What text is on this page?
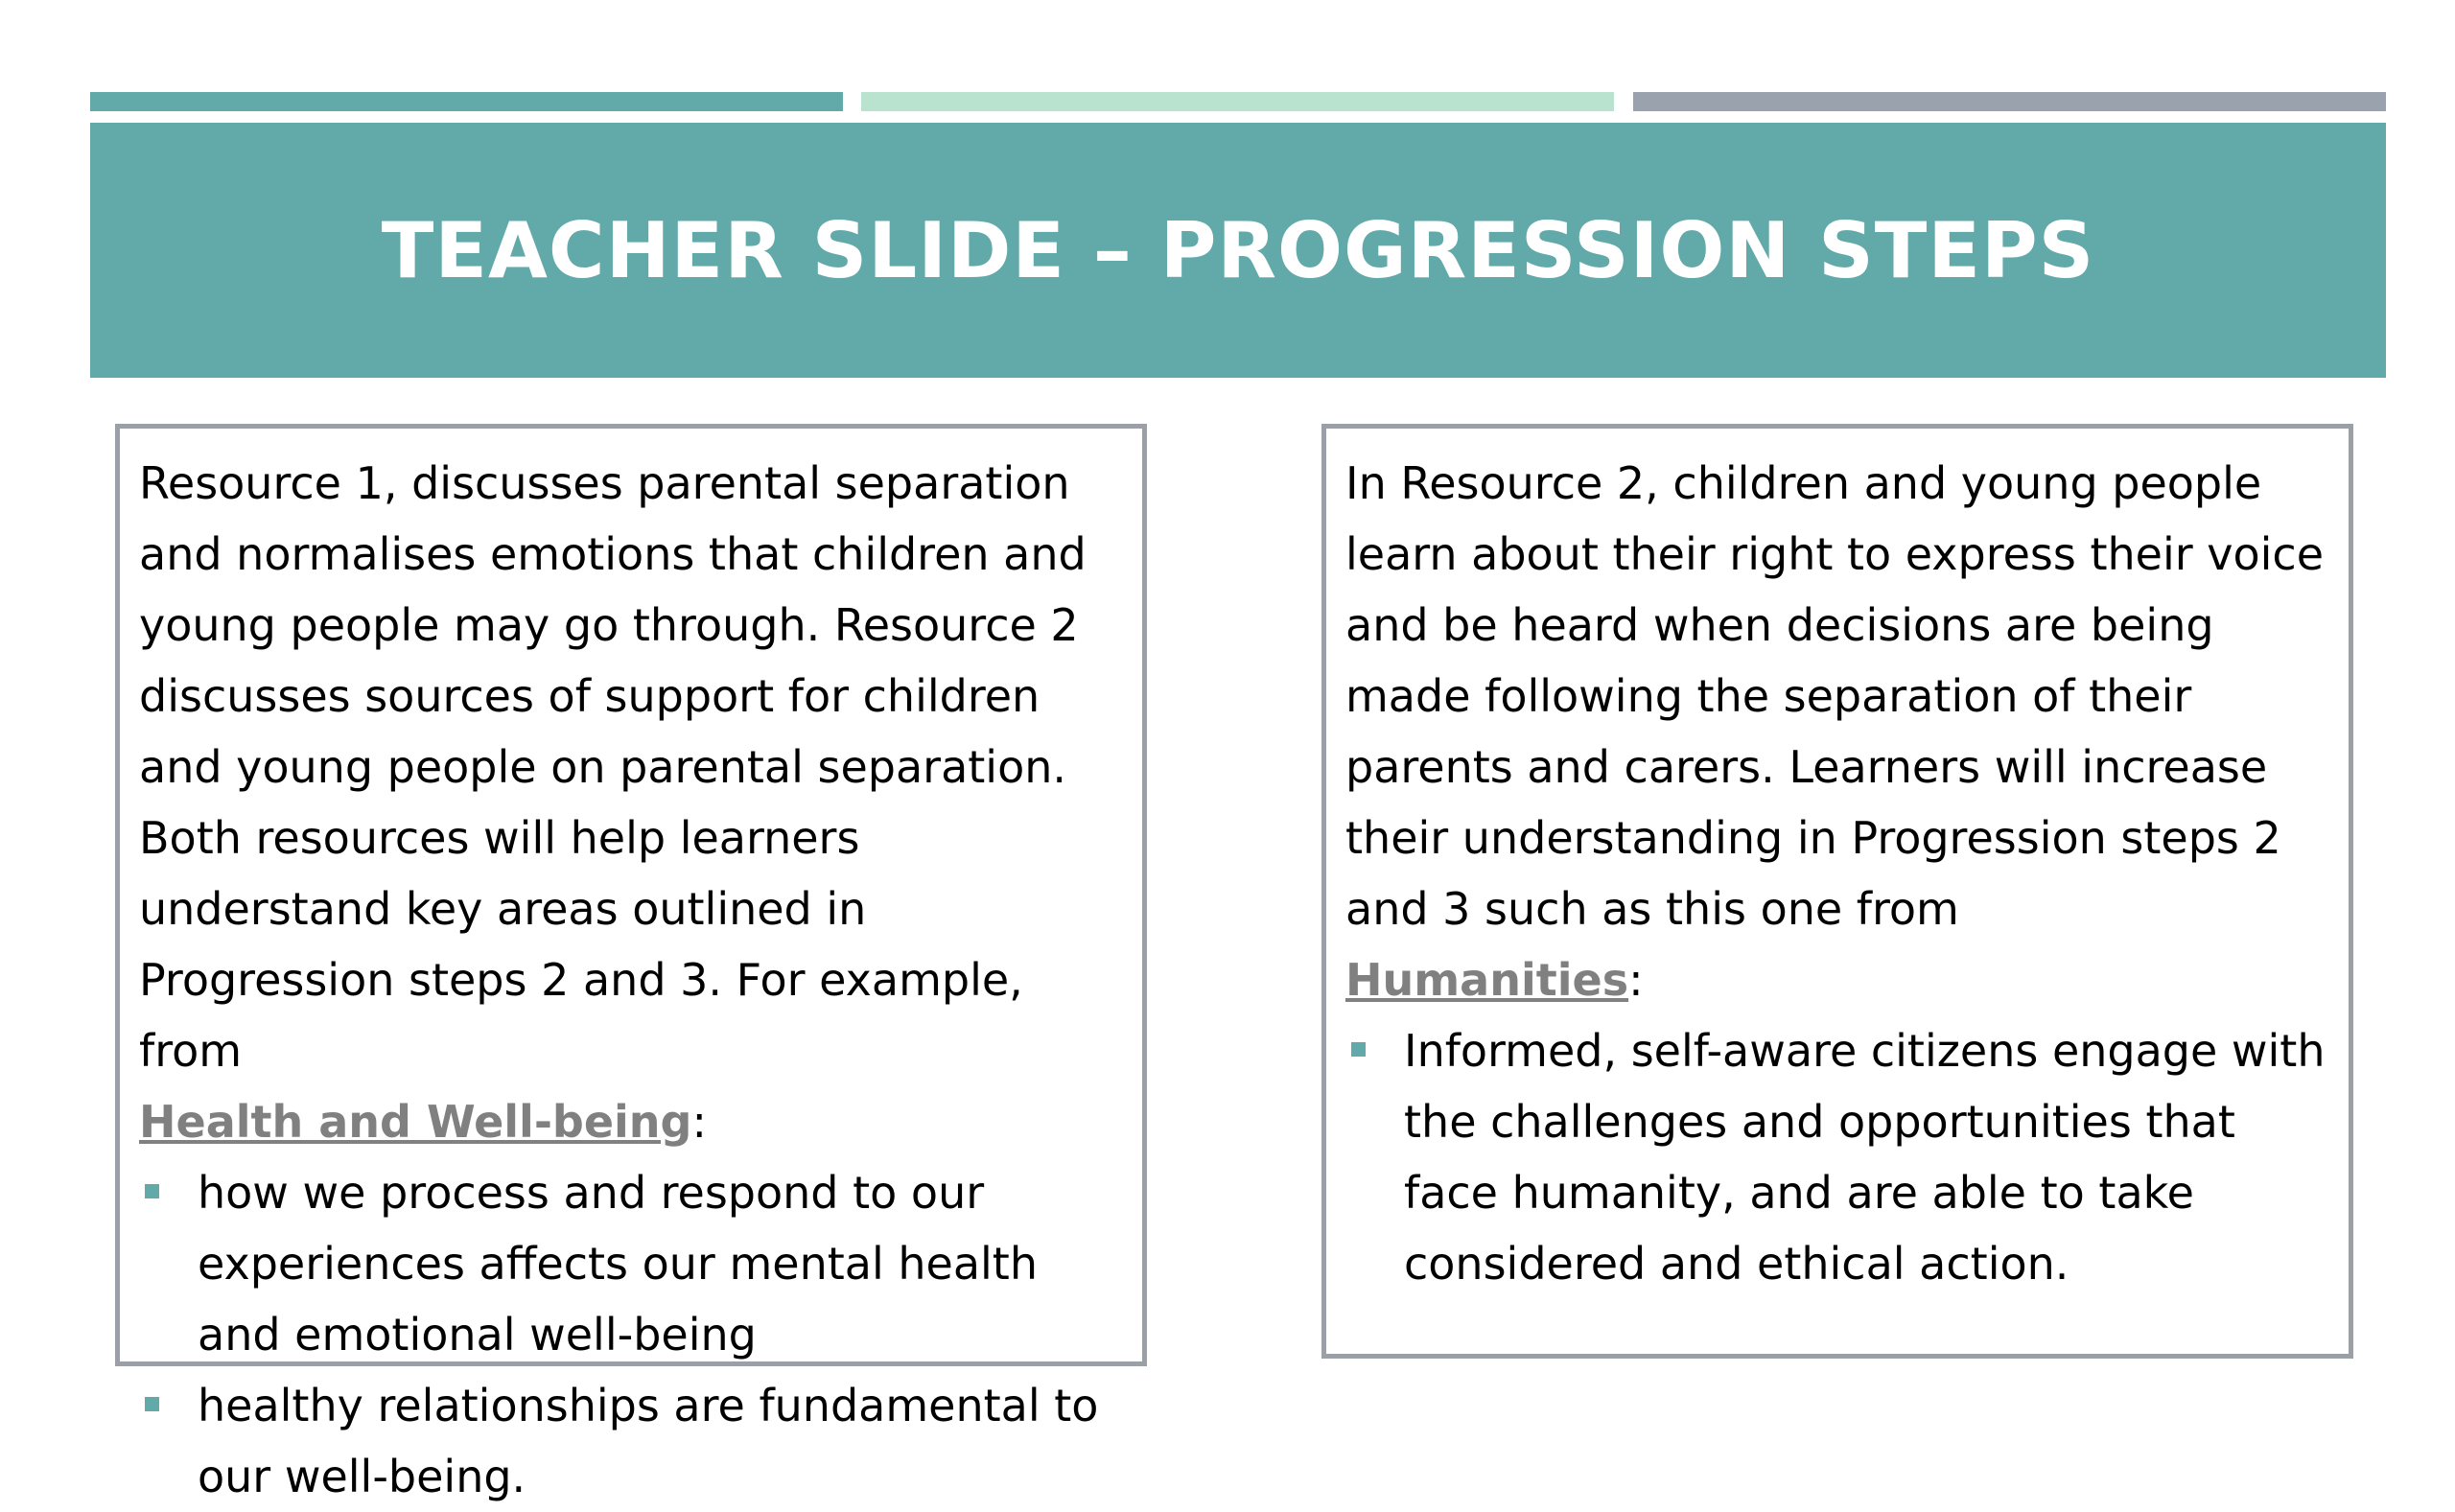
TEACHER SLIDE – PROGRESSION STEPS

Resource 1, discusses parental separation and normalises emotions that children and young people may go through. Resource 2 discusses sources of support for children and young people on parental separation. Both resources will help learners understand key areas outlined in Progression steps 2 and 3. For example, from
Health and Well-being:

how we process and respond to our experiences affects our mental health and emotional well-being
healthy relationships are fundamental to our well-being.

In Resource 2, children and young people learn about their right to express their voice and be heard when decisions are being made following the separation of their parents and carers. Learners will increase their understanding in Progression steps 2 and 3 such as this one from
Humanities:

Informed, self-aware citizens engage with the challenges and opportunities that face humanity, and are able to take considered and ethical action.
